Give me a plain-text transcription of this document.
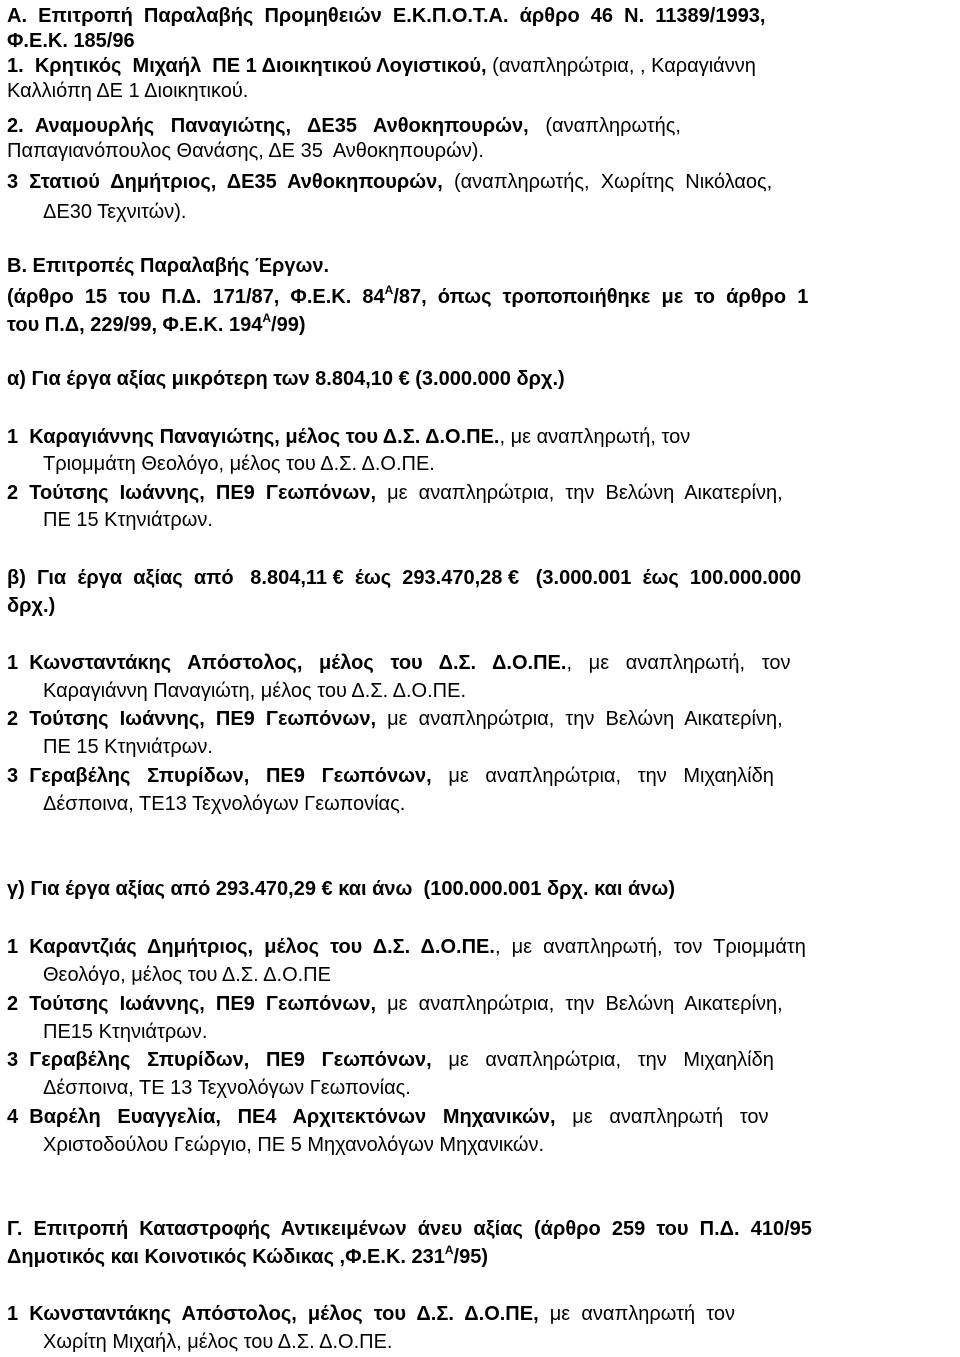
Α.  Επιτροπή  Παραλαβής  Προμηθειών  Ε.Κ.Π.Ο.Τ.Α.  άρθρο  46  Ν.  11389/1993,
Φ.Ε.Κ. 185/96
1. Κρητικός  Μιχαήλ  ΠΕ 1 Διοικητικού Λογιστικού, (αναπληρώτρια, , Καραγιάννη
Καλλιόπη ΔΕ 1 Διοικητικού.
2. Αναμουρλής   Παναγιώτης,   ΔΕ35   Ανθοκηπουρών,   (αναπληρωτής,
Παπαγιανόπουλος Θανάσης, ΔΕ 35  Ανθοκηπουρών).
3 Στατιού  Δημήτριος,  ΔΕ35  Ανθοκηπουρών,  (αναπληρωτής,  Χωρίτης  Νικόλαος,
ΔΕ30 Τεχνιτών).
Β. Επιτροπές Παραλαβής Έργων.
(άρθρο  15  του  Π.Δ.  171/87,  Φ.Ε.Κ.  $84^A/87$,  όπως  τροποποιήθηκε  με  το  άρθρο  1
του Π.Δ, 229/99, Φ.Ε.Κ. $194^A/99$)
α) Για έργα αξίας μικρότερη των 8.804,10 € (3.000.000 δρχ.)
1 Καραγιάννης Παναγιώτης, μέλος του Δ.Σ. Δ.Ο.ΠΕ., με αναπληρωτή, τον
Τριομμάτη Θεολόγο, μέλος του Δ.Σ. Δ.Ο.ΠΕ.
2 Τούτσης  Ιωάννης,  ΠΕ9  Γεωπόνων,  με  αναπληρώτρια,  την  Βελώνη  Αικατερίνη,
ΠΕ 15 Κτηνιάτρων.
β)  Για  έργα  αξίας  από   8.804,11 €  έως  293.470,28 €   (3.000.001  έως  100.000.000
δρχ.)
1 Κωνσταντάκης   Απόστολος,   μέλος   του   Δ.Σ.   Δ.Ο.ΠΕ.,   με   αναπληρωτή,   τον
Καραγιάννη Παναγιώτη, μέλος του Δ.Σ. Δ.Ο.ΠΕ.
2 Τούτσης  Ιωάννης,  ΠΕ9  Γεωπόνων,  με  αναπληρώτρια,  την  Βελώνη  Αικατερίνη,
ΠΕ 15 Κτηνιάτρων.
3 Γεραβέλης   Σπυρίδων,   ΠΕ9   Γεωπόνων,   με   αναπληρώτρια,   την   Μιχαηλίδη
Δέσποινα, ΤΕ13 Τεχνολόγων Γεωπονίας.
γ) Για έργα αξίας από 293.470,29 € και άνω  (100.000.001 δρχ. και άνω)
1 Καραντζιάς  Δημήτριος,  μέλος  του  Δ.Σ.  Δ.Ο.ΠΕ.,  με  αναπληρωτή,  τον  Τριομμάτη
Θεολόγο, μέλος του Δ.Σ. Δ.Ο.ΠΕ
2 Τούτσης  Ιωάννης,  ΠΕ9  Γεωπόνων,  με  αναπληρώτρια,  την  Βελώνη  Αικατερίνη,
ΠΕ15 Κτηνιάτρων.
3 Γεραβέλης   Σπυρίδων,   ΠΕ9   Γεωπόνων,   με   αναπληρώτρια,   την   Μιχαηλίδη
Δέσποινα, ΤΕ 13 Τεχνολόγων Γεωπονίας.
4 Βαρέλη   Ευαγγελία,   ΠΕ4   Αρχιτεκτόνων   Μηχανικών,   με   αναπληρωτή   τον
Χριστοδούλου Γεώργιο, ΠΕ 5 Μηχανολόγων Μηχανικών.
Γ.  Επιτροπή  Καταστροφής  Αντικειμένων  άνευ  αξίας  (άρθρο  259  του  Π.Δ.  410/95
Δημοτικός και Κοινοτικός Κώδικας ,Φ.Ε.Κ. $231^A/95$)
1 Κωνσταντάκης  Απόστολος,  μέλος  του  Δ.Σ.  Δ.Ο.ΠΕ,  με  αναπληρωτή  τον
Χωρίτη Μιχαήλ, μέλος του Δ.Σ. Δ.Ο.ΠΕ.
